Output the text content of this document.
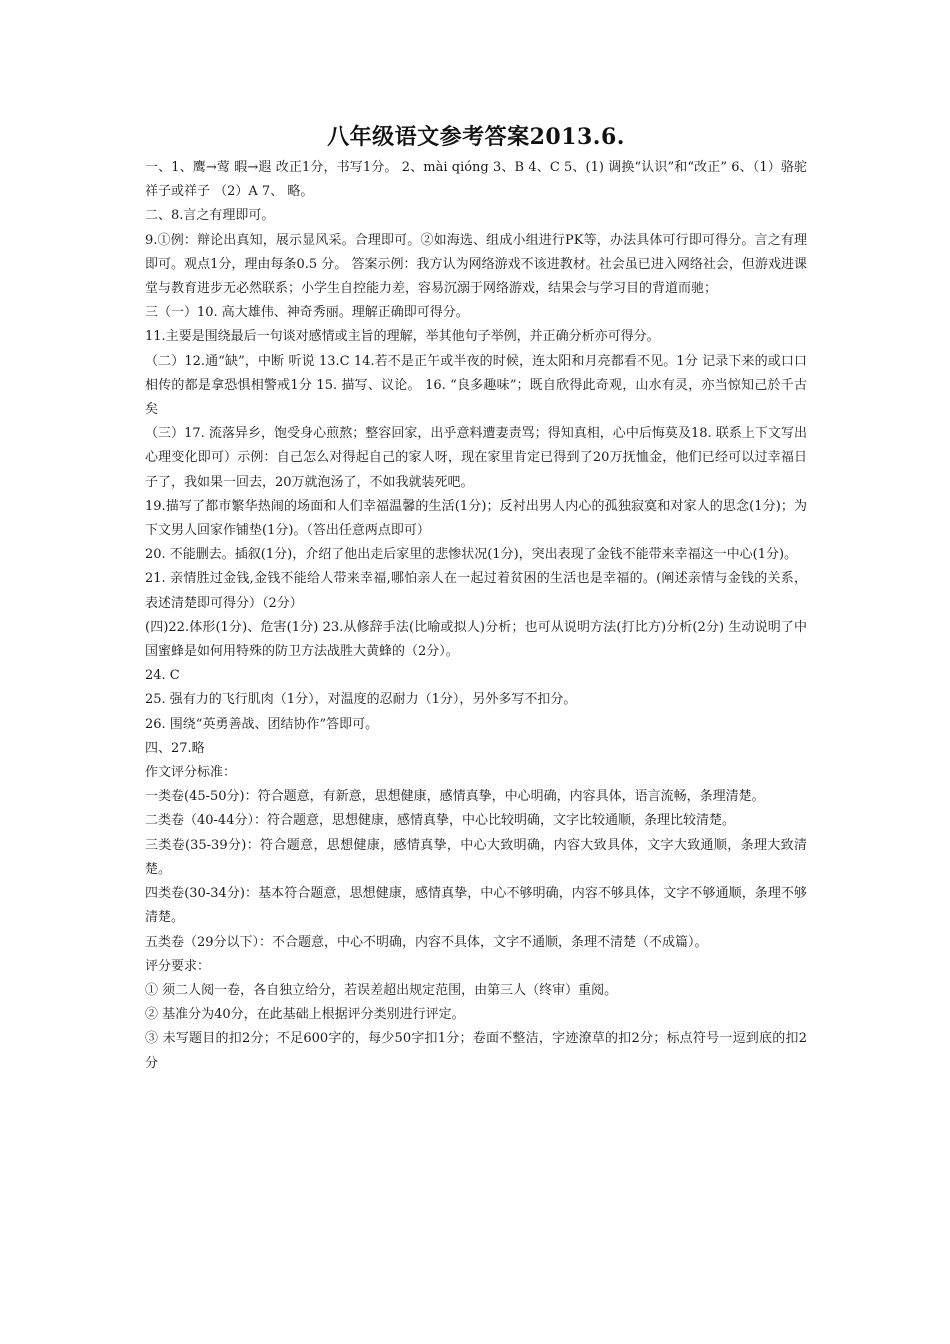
八年级语文参考答案2013.6.

一、1、鹰→莺 暇→遐 改正1分，书写1分。 2、mài qióng 3、B 4、C 5、(1) 调换“认识”和“改正” 6、（1）骆驼祥子或祥子 （2）A 7、 略。

二、8.言之有理即可。

9.①例：辩论出真知，展示显风采。合理即可。②如海选、组成小组进行PK等，办法具体可行即可得分。言之有理即可。观点1分，理由每条0.5 分。 答案示例：我方认为网络游戏不该进教材。社会虽已进入网络社会，但游戏进课堂与教育进步无必然联系；小学生自控能力差，容易沉溺于网络游戏，结果会与学习目的背道而驰；

三（一）10. 高大雄伟、神奇秀丽。理解正确即可得分。

11.主要是围绕最后一句谈对感情或主旨的理解，举其他句子举例，并正确分析亦可得分。

（二）12.通“缺”，中断 听说 13.C 14.若不是正午或半夜的时候，连太阳和月亮都看不见。1分 记录下来的或口口相传的都是拿恐惧相警戒1分 15. 描写、议论。 16. “良多趣味”；既自欣得此奇观，山水有灵，亦当惊知己於千古矣

（三）17. 流落异乡，饱受身心煎熬；整容回家，出乎意料遭妻责骂；得知真相，心中后悔莫及18. 联系上下文写出心理变化即可）示例：自己怎么对得起自己的家人呀，现在家里肯定已得到了20万抚恤金，他们已经可以过幸福日子了，我如果一回去，20万就泡汤了，不如我就装死吧。

19.描写了都市繁华热闹的场面和人们幸福温馨的生活(1分)；反衬出男人内心的孤独寂寞和对家人的思念(1分)；为下文男人回家作铺垫(1分)。（答出任意两点即可）

20. 不能删去。插叙(1分)，介绍了他出走后家里的悲惨状况(1分)，突出表现了金钱不能带来幸福这一中心(1分)。

21. 亲情胜过金钱,金钱不能给人带来幸福,哪怕亲人在一起过着贫困的生活也是幸福的。(阐述亲情与金钱的关系，表述清楚即可得分）（2分）

(四)22.体形(1分)、危害(1分) 23.从修辞手法(比喻或拟人)分析；也可从说明方法(打比方)分析(2分) 生动说明了中国蜜蜂是如何用特殊的防卫方法战胜大黄蜂的（2分）。

24. C

25. 强有力的飞行肌肉（1分），对温度的忍耐力（1分），另外多写不扣分。

26. 围绕“英勇善战、团结协作”答即可。

四、27.略

作文评分标准：

一类卷(45-50分)：符合题意，有新意，思想健康，感情真挚，中心明确，内容具体，语言流畅，条理清楚。

二类卷（40-44分）：符合题意，思想健康，感情真挚，中心比较明确，文字比较通顺，条理比较清楚。

三类卷(35-39分)：符合题意，思想健康，感情真挚，中心大致明确，内容大致具体，文字大致通顺，条理大致清楚。

四类卷(30-34分)：基本符合题意，思想健康，感情真挚，中心不够明确，内容不够具体，文字不够通顺，条理不够清楚。

五类卷（29分以下）：不合题意，中心不明确，内容不具体，文字不通顺，条理不清楚（不成篇）。

评分要求：

① 须二人阅一卷，各自独立给分，若误差超出规定范围，由第三人（终审）重阅。

② 基准分为40分，在此基础上根据评分类别进行评定。

③ 未写题目的扣2分；不足600字的，每少50字扣1分；卷面不整洁，字迹潦草的扣2分；标点符号一逗到底的扣2分
